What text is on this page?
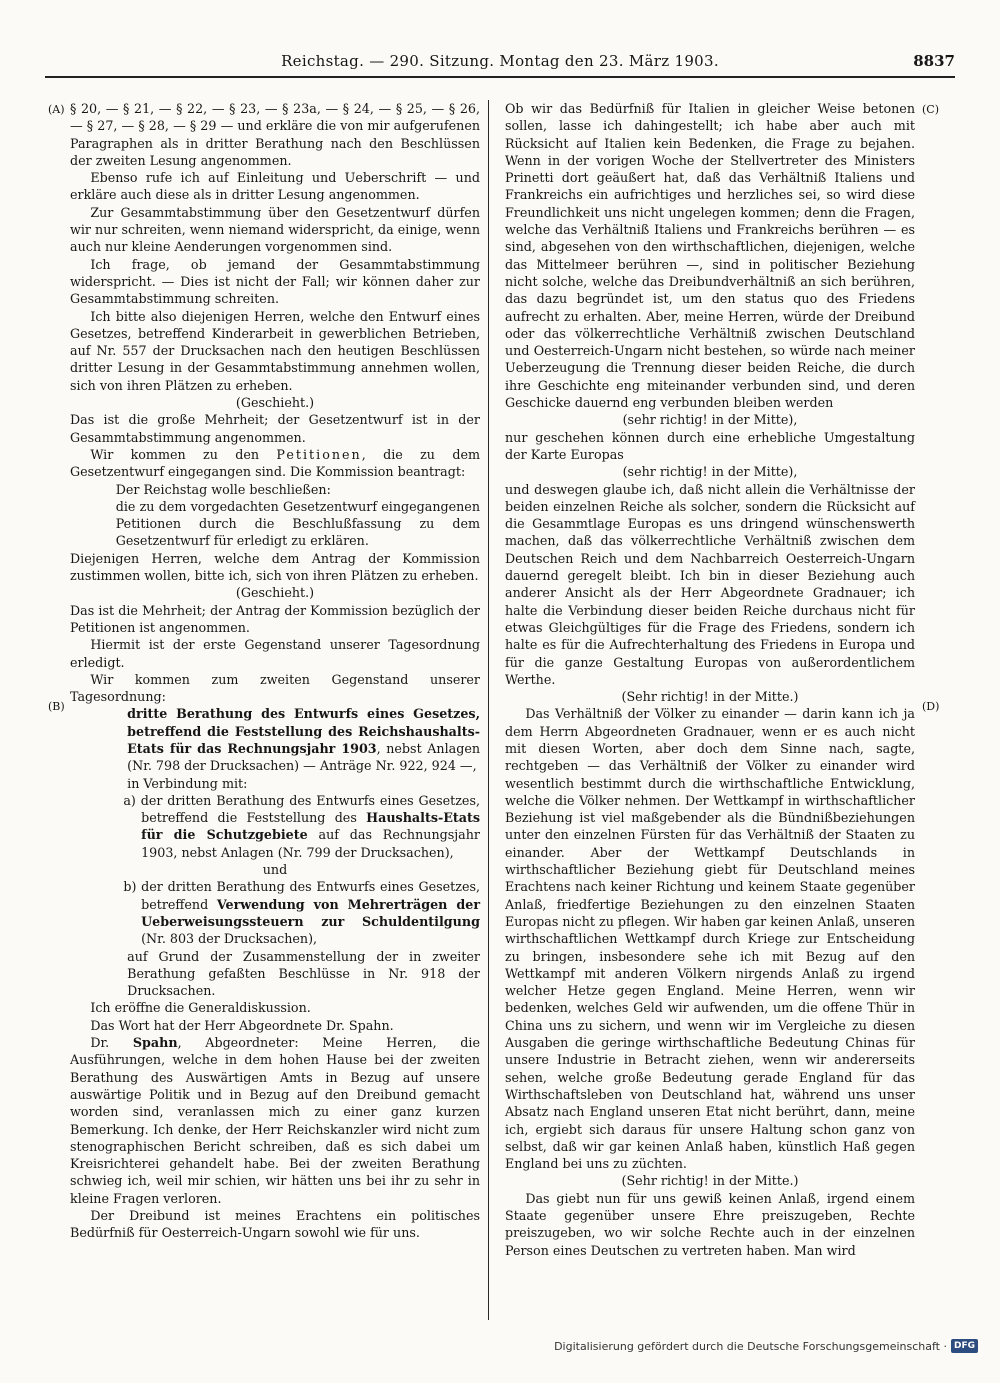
Reichstag. — 290. Sitzung. Montag den 23. März 1903.	8837
(A)
(B)
(C)
(D)

§ 20, — § 21, — § 22, — § 23, — § 23a, — § 24, — § 25, — § 26, — § 27, — § 28, — § 29 — und erkläre die von mir aufgerufenen Paragraphen als in dritter Berathung nach den Beschlüssen der zweiten Lesung angenommen.

Ebenso rufe ich auf Einleitung und Ueberschrift — und erkläre auch diese als in dritter Lesung angenommen.

Zur Gesammtabstimmung über den Gesetzentwurf dürfen wir nur schreiten, wenn niemand widerspricht, da einige, wenn auch nur kleine Aenderungen vorgenommen sind.

Ich frage, ob jemand der Gesammtabstimmung widerspricht. — Dies ist nicht der Fall; wir können daher zur Gesammtabstimmung schreiten.

Ich bitte also diejenigen Herren, welche den Entwurf eines Gesetzes, betreffend Kinderarbeit in gewerblichen Betrieben, auf Nr. 557 der Drucksachen nach den heutigen Beschlüssen dritter Lesung in der Gesammtabstimmung annehmen wollen, sich von ihren Plätzen zu erheben.

(Geschieht.)

Das ist die große Mehrheit; der Gesetzentwurf ist in der Gesammtabstimmung angenommen.

Wir kommen zu den Petitionen, die zu dem Gesetzentwurf eingegangen sind. Die Kommission beantragt:

Der Reichstag wolle beschließen:

die zu dem vorgedachten Gesetzentwurf eingegangenen Petitionen durch die Beschlußfassung zu dem Gesetzentwurf für erledigt zu erklären.

Diejenigen Herren, welche dem Antrag der Kommission zustimmen wollen, bitte ich, sich von ihren Plätzen zu erheben.

(Geschieht.)

Das ist die Mehrheit; der Antrag der Kommission bezüglich der Petitionen ist angenommen.

Hiermit ist der erste Gegenstand unserer Tagesordnung erledigt.

Wir kommen zum zweiten Gegenstand unserer Tagesordnung:

dritte Berathung des Entwurfs eines Gesetzes, betreffend die Feststellung des Reichshaushalts-Etats für das Rechnungsjahr 1903, nebst Anlagen (Nr. 798 der Drucksachen) — Anträge Nr. 922, 924 —,

in Verbindung mit:

a) der dritten Berathung des Entwurfs eines Gesetzes, betreffend die Feststellung des Haushalts-Etats für die Schutzgebiete auf das Rechnungsjahr 1903, nebst Anlagen (Nr. 799 der Drucksachen),

und

b) der dritten Berathung des Entwurfs eines Gesetzes, betreffend Verwendung von Mehrerträgen der Ueberweisungssteuern zur Schuldentilgung (Nr. 803 der Drucksachen),

auf Grund der Zusammenstellung der in zweiter Berathung gefaßten Beschlüsse in Nr. 918 der Drucksachen.

Ich eröffne die Generaldiskussion.

Das Wort hat der Herr Abgeordnete Dr. Spahn.

Dr. Spahn, Abgeordneter: Meine Herren, die Ausführungen, welche in dem hohen Hause bei der zweiten Berathung des Auswärtigen Amts in Bezug auf unsere auswärtige Politik und in Bezug auf den Dreibund gemacht worden sind, veranlassen mich zu einer ganz kurzen Bemerkung. Ich denke, der Herr Reichskanzler wird nicht zum stenographischen Bericht schreiben, daß es sich dabei um Kreisrichterei gehandelt habe. Bei der zweiten Berathung schwieg ich, weil mir schien, wir hätten uns bei ihr zu sehr in kleine Fragen verloren.

Der Dreibund ist meines Erachtens ein politisches Bedürfniß für Oesterreich-Ungarn sowohl wie für uns.

Ob wir das Bedürfniß für Italien in gleicher Weise betonen sollen, lasse ich dahingestellt; ich habe aber auch mit Rücksicht auf Italien kein Bedenken, die Frage zu bejahen. Wenn in der vorigen Woche der Stellvertreter des Ministers Prinetti dort geäußert hat, daß das Verhältniß Italiens und Frankreichs ein aufrichtiges und herzliches sei, so wird diese Freundlichkeit uns nicht ungelegen kommen; denn die Fragen, welche das Verhältniß Italiens und Frankreichs berühren — es sind, abgesehen von den wirthschaftlichen, diejenigen, welche das Mittelmeer berühren —, sind in politischer Beziehung nicht solche, welche das Dreibundverhältniß an sich berühren, das dazu begründet ist, um den status quo des Friedens aufrecht zu erhalten. Aber, meine Herren, würde der Dreibund oder das völkerrechtliche Verhältniß zwischen Deutschland und Oesterreich-Ungarn nicht bestehen, so würde nach meiner Ueberzeugung die Trennung dieser beiden Reiche, die durch ihre Geschichte eng miteinander verbunden sind, und deren Geschicke dauernd eng verbunden bleiben werden

(sehr richtig! in der Mitte),

nur geschehen können durch eine erhebliche Umgestaltung der Karte Europas

(sehr richtig! in der Mitte),

und deswegen glaube ich, daß nicht allein die Verhältnisse der beiden einzelnen Reiche als solcher, sondern die Rücksicht auf die Gesammtlage Europas es uns dringend wünschenswerth machen, daß das völkerrechtliche Verhältniß zwischen dem Deutschen Reich und dem Nachbarreich Oesterreich-Ungarn dauernd geregelt bleibt. Ich bin in dieser Beziehung auch anderer Ansicht als der Herr Abgeordnete Gradnauer; ich halte die Verbindung dieser beiden Reiche durchaus nicht für etwas Gleichgültiges für die Frage des Friedens, sondern ich halte es für die Aufrechterhaltung des Friedens in Europa und für die ganze Gestaltung Europas von außerordentlichem Werthe.

(Sehr richtig! in der Mitte.)

Das Verhältniß der Völker zu einander — darin kann ich ja dem Herrn Abgeordneten Gradnauer, wenn er es auch nicht mit diesen Worten, aber doch dem Sinne nach, sagte, rechtgeben — das Verhältniß der Völker zu einander wird wesentlich bestimmt durch die wirthschaftliche Entwicklung, welche die Völker nehmen. Der Wettkampf in wirthschaftlicher Beziehung ist viel maßgebender als die Bündnißbeziehungen unter den einzelnen Fürsten für das Verhältniß der Staaten zu einander. Aber der Wettkampf Deutschlands in wirthschaftlicher Beziehung giebt für Deutschland meines Erachtens nach keiner Richtung und keinem Staate gegenüber Anlaß, friedfertige Beziehungen zu den einzelnen Staaten Europas nicht zu pflegen. Wir haben gar keinen Anlaß, unseren wirthschaftlichen Wettkampf durch Kriege zur Entscheidung zu bringen, insbesondere sehe ich mit Bezug auf den Wettkampf mit anderen Völkern nirgends Anlaß zu irgend welcher Hetze gegen England. Meine Herren, wenn wir bedenken, welches Geld wir aufwenden, um die offene Thür in China uns zu sichern, und wenn wir im Vergleiche zu diesen Ausgaben die geringe wirthschaftliche Bedeutung Chinas für unsere Industrie in Betracht ziehen, wenn wir andererseits sehen, welche große Bedeutung gerade England für das Wirthschaftsleben von Deutschland hat, während uns unser Absatz nach England unseren Etat nicht berührt, dann, meine ich, ergiebt sich daraus für unsere Haltung schon ganz von selbst, daß wir gar keinen Anlaß haben, künstlich Haß gegen England bei uns zu züchten.

(Sehr richtig! in der Mitte.)

Das giebt nun für uns gewiß keinen Anlaß, irgend einem Staate gegenüber unsere Ehre preiszugeben, Rechte preiszugeben, wo wir solche Rechte auch in der einzelnen Person eines Deutschen zu vertreten haben. Man wird

Digitalisierung gefördert durch die Deutsche Forschungsgemeinschaft · DFG
